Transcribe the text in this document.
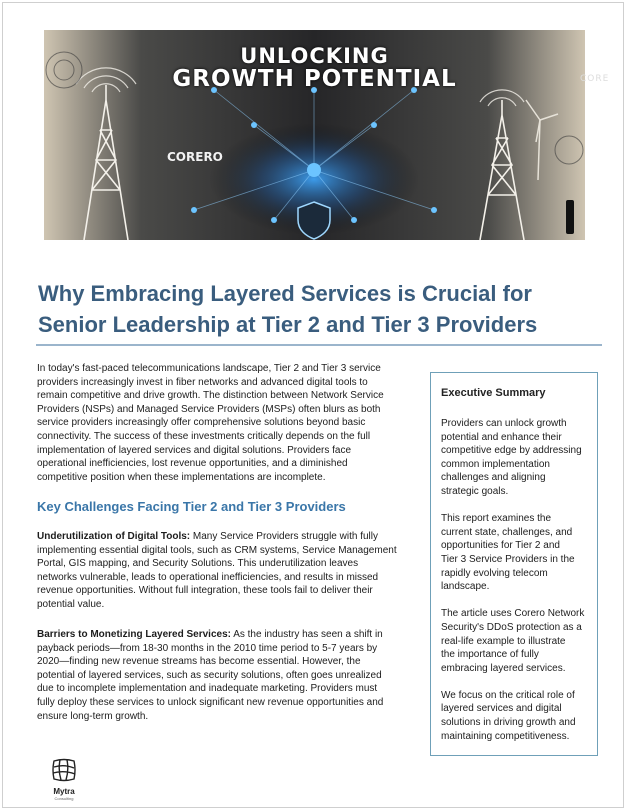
UNLOCKING
GROWTH POTENTIAL
CORERO
CORE
Why Embracing Layered Services is Crucial for
Senior Leadership at Tier 2 and Tier 3 Providers

In today's fast-paced telecommunications landscape, Tier 2 and Tier 3 service
providers increasingly invest in fiber networks and advanced digital tools to
remain competitive and drive growth. The distinction between Network Service
Providers (NSPs) and Managed Service Providers (MSPs) often blurs as both
service providers increasingly offer comprehensive solutions beyond basic
connectivity. The success of these investments critically depends on the full
implementation of layered services and digital solutions. Providers face
operational inefficiencies, lost revenue opportunities, and a diminished
competitive position when these implementations are incomplete.

Key Challenges Facing Tier 2 and Tier 3 Providers

Underutilization of Digital Tools: Many Service Providers struggle with fully
implementing essential digital tools, such as CRM systems, Service Management
Portal, GIS mapping, and Security Solutions. This underutilization leaves
networks vulnerable, leads to operational inefficiencies, and results in missed
revenue opportunities. Without full integration, these tools fail to deliver their
potential value.

Barriers to Monetizing Layered Services: As the industry has seen a shift in
payback periods—from 18-30 months in the 2010 time period to 5-7 years by
2020—finding new revenue streams has become essential. However, the
potential of layered services, such as security solutions, often goes unrealized
due to incomplete implementation and inadequate marketing. Providers must
fully deploy these services to unlock significant new revenue opportunities and
ensure long-term growth.

Executive Summary

Providers can unlock growth
potential and enhance their
competitive edge by addressing
common implementation
challenges and aligning
strategic goals.

This report examines the
current state, challenges, and
opportunities for Tier 2 and
Tier 3 Service Providers in the
rapidly evolving telecom
landscape.

The article uses Corero Network
Security's DDoS protection as a
real-life example to illustrate
the importance of fully
embracing layered services.

We focus on the critical role of
layered services and digital
solutions in driving growth and
maintaining competitiveness.

Mytra
Consulting
